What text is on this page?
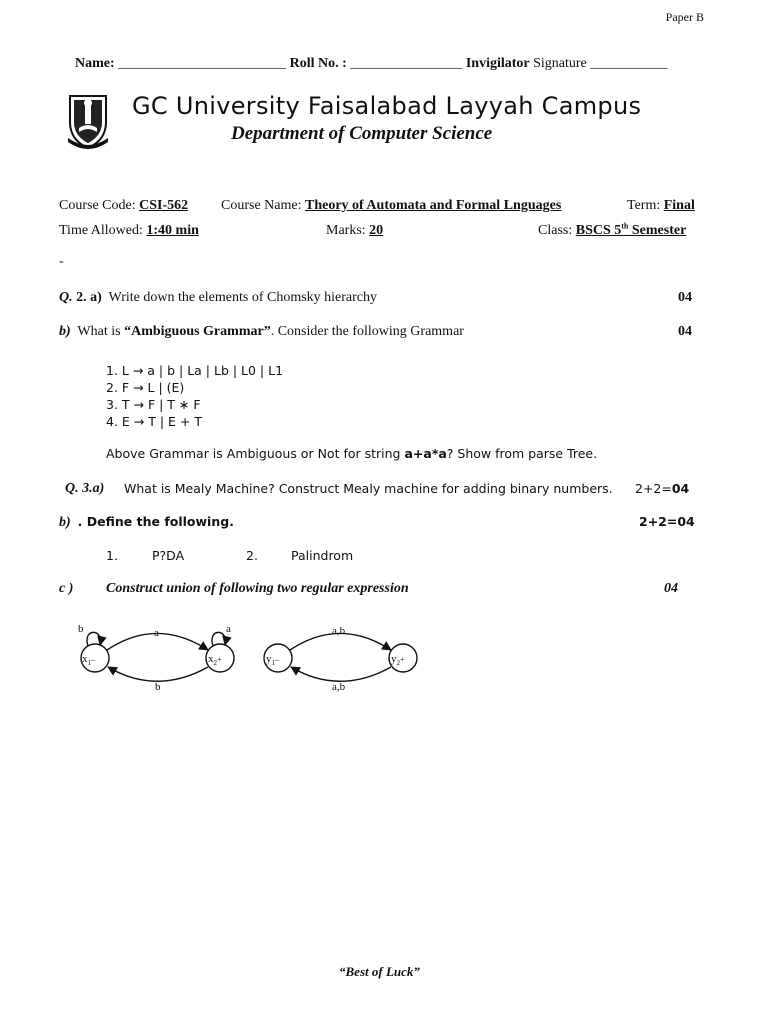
Paper B
Name: ________________________ Roll No. : ________________ Invigilator Signature ___________
GC University Faisalabad Layyah Campus
Department of Computer Science
Course Code: CSI-562 Course Name: Theory of Automata and Formal Lnguages	Term: Final
Time Allowed: 1:40 min	Marks: 20	Class: BSCS 5th Semester
-
Q. 2. a) Write down the elements of Chomsky hierarchy	04
b) What is “Ambiguous Grammar”. Consider the following Grammar	04
1. L → a | b | La | Lb | L0 | L1
2. F → L | (E)
3. T → F | T ∗ F
4. E → T | E + T
Above Grammar is Ambiguous or Not for string a+a*a? Show from parse Tree.
Q. 3.a) What is Mealy Machine? Construct Mealy machine for adding binary numbers. 2+2=04
b) . Define the following.	2+2=04
1.	P?DA	2.	Palindrom
c ) Construct union of following two regular expression	04
$x_1^-$	$x_2^+$
b	a
a
b
$y_1^-$	$y_2^+$
a,b
a,b
“Best of Luck”
